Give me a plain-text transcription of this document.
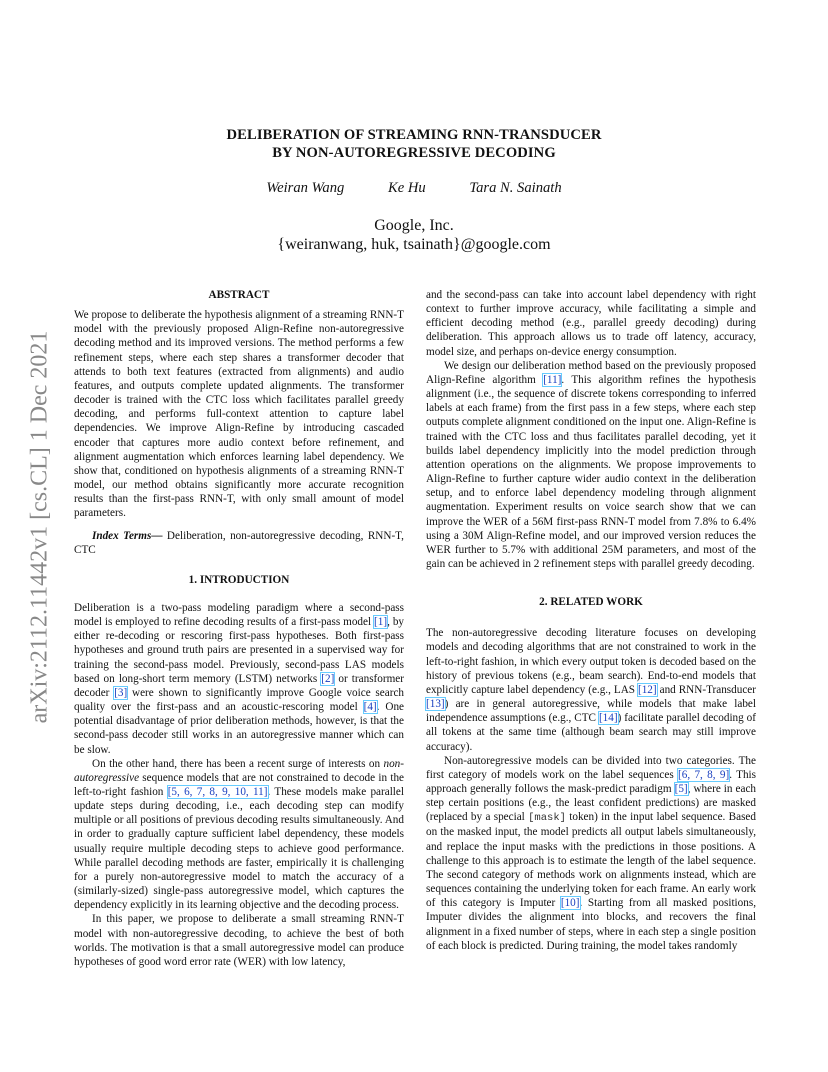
arXiv:2112.11442v1 [cs.CL] 1 Dec 2021
DELIBERATION OF STREAMING RNN-TRANSDUCER
BY NON-AUTOREGRESSIVE DECODING
Weiran Wang	Ke Hu	Tara N. Sainath
Google, Inc.
{weiranwang, huk, tsainath}@google.com
ABSTRACT

We propose to deliberate the hypothesis alignment of a streaming RNN-T model with the previously proposed Align-Refine non-autoregressive decoding method and its improved versions. The method performs a few refinement steps, where each step shares a transformer decoder that attends to both text features (extracted from alignments) and audio features, and outputs complete updated alignments. The transformer decoder is trained with the CTC loss which facilitates parallel greedy decoding, and performs full-context attention to capture label dependencies. We improve Align-Refine by introducing cascaded encoder that captures more audio context before refinement, and alignment augmentation which enforces learning label dependency. We show that, conditioned on hypothesis alignments of a streaming RNN-T model, our method obtains significantly more accurate recognition results than the first-pass RNN-T, with only small amount of model parameters.

Index Terms— Deliberation, non-autoregressive decoding, RNN-T, CTC

1. INTRODUCTION

Deliberation is a two-pass modeling paradigm where a second-pass model is employed to refine decoding results of a first-pass model [1], by either re-decoding or rescoring first-pass hypotheses. Both first-pass hypotheses and ground truth pairs are presented in a supervised way for training the second-pass model. Previously, second-pass LAS models based on long-short term memory (LSTM) networks [2] or transformer decoder [3] were shown to significantly improve Google voice search quality over the first-pass and an acoustic-rescoring model [4]. One potential disadvantage of prior deliberation methods, however, is that the second-pass decoder still works in an autoregressive manner which can be slow.

On the other hand, there has been a recent surge of interests on non-autoregressive sequence models that are not constrained to decode in the left-to-right fashion [5, 6, 7, 8, 9, 10, 11]. These models make parallel update steps during decoding, i.e., each decoding step can modify multiple or all positions of previous decoding results simultaneously. And in order to gradually capture sufficient label dependency, these models usually require multiple decoding steps to achieve good performance. While parallel decoding methods are faster, empirically it is challenging for a purely non-autoregressive model to match the accuracy of a (similarly-sized) single-pass autoregressive model, which captures the dependency explicitly in its learning objective and the decoding process.

In this paper, we propose to deliberate a small streaming RNN-T model with non-autoregressive decoding, to achieve the best of both worlds. The motivation is that a small autoregressive model can produce hypotheses of good word error rate (WER) with low latency,

and the second-pass can take into account label dependency with right context to further improve accuracy, while facilitating a simple and efficient decoding method (e.g., parallel greedy decoding) during deliberation. This approach allows us to trade off latency, accuracy, model size, and perhaps on-device energy consumption.

We design our deliberation method based on the previously proposed Align-Refine algorithm [11]. This algorithm refines the hypothesis alignment (i.e., the sequence of discrete tokens corresponding to inferred labels at each frame) from the first pass in a few steps, where each step outputs complete alignment conditioned on the input one. Align-Refine is trained with the CTC loss and thus facilitates parallel decoding, yet it builds label dependency implicitly into the model prediction through attention operations on the alignments. We propose improvements to Align-Refine to further capture wider audio context in the deliberation setup, and to enforce label dependency modeling through alignment augmentation. Experiment results on voice search show that we can improve the WER of a 56M first-pass RNN-T model from 7.8% to 6.4% using a 30M Align-Refine model, and our improved version reduces the WER further to 5.7% with additional 25M parameters, and most of the gain can be achieved in 2 refinement steps with parallel greedy decoding.

2. RELATED WORK

The non-autoregressive decoding literature focuses on developing models and decoding algorithms that are not constrained to work in the left-to-right fashion, in which every output token is decoded based on the history of previous tokens (e.g., beam search). End-to-end models that explicitly capture label dependency (e.g., LAS [12] and RNN-Transducer [13]) are in general autoregressive, while models that make label independence assumptions (e.g., CTC [14]) facilitate parallel decoding of all tokens at the same time (although beam search may still improve accuracy).

Non-autoregressive models can be divided into two categories. The first category of models work on the label sequences [6, 7, 8, 9]. This approach generally follows the mask-predict paradigm [5], where in each step certain positions (e.g., the least confident predictions) are masked (replaced by a special [mask] token) in the input label sequence. Based on the masked input, the model predicts all output labels simultaneously, and replace the input masks with the predictions in those positions. A challenge to this approach is to estimate the length of the label sequence. The second category of methods work on alignments instead, which are sequences containing the underlying token for each frame. An early work of this category is Imputer [10]. Starting from all masked positions, Imputer divides the alignment into blocks, and recovers the final alignment in a fixed number of steps, where in each step a single position of each block is predicted. During training, the model takes randomly
